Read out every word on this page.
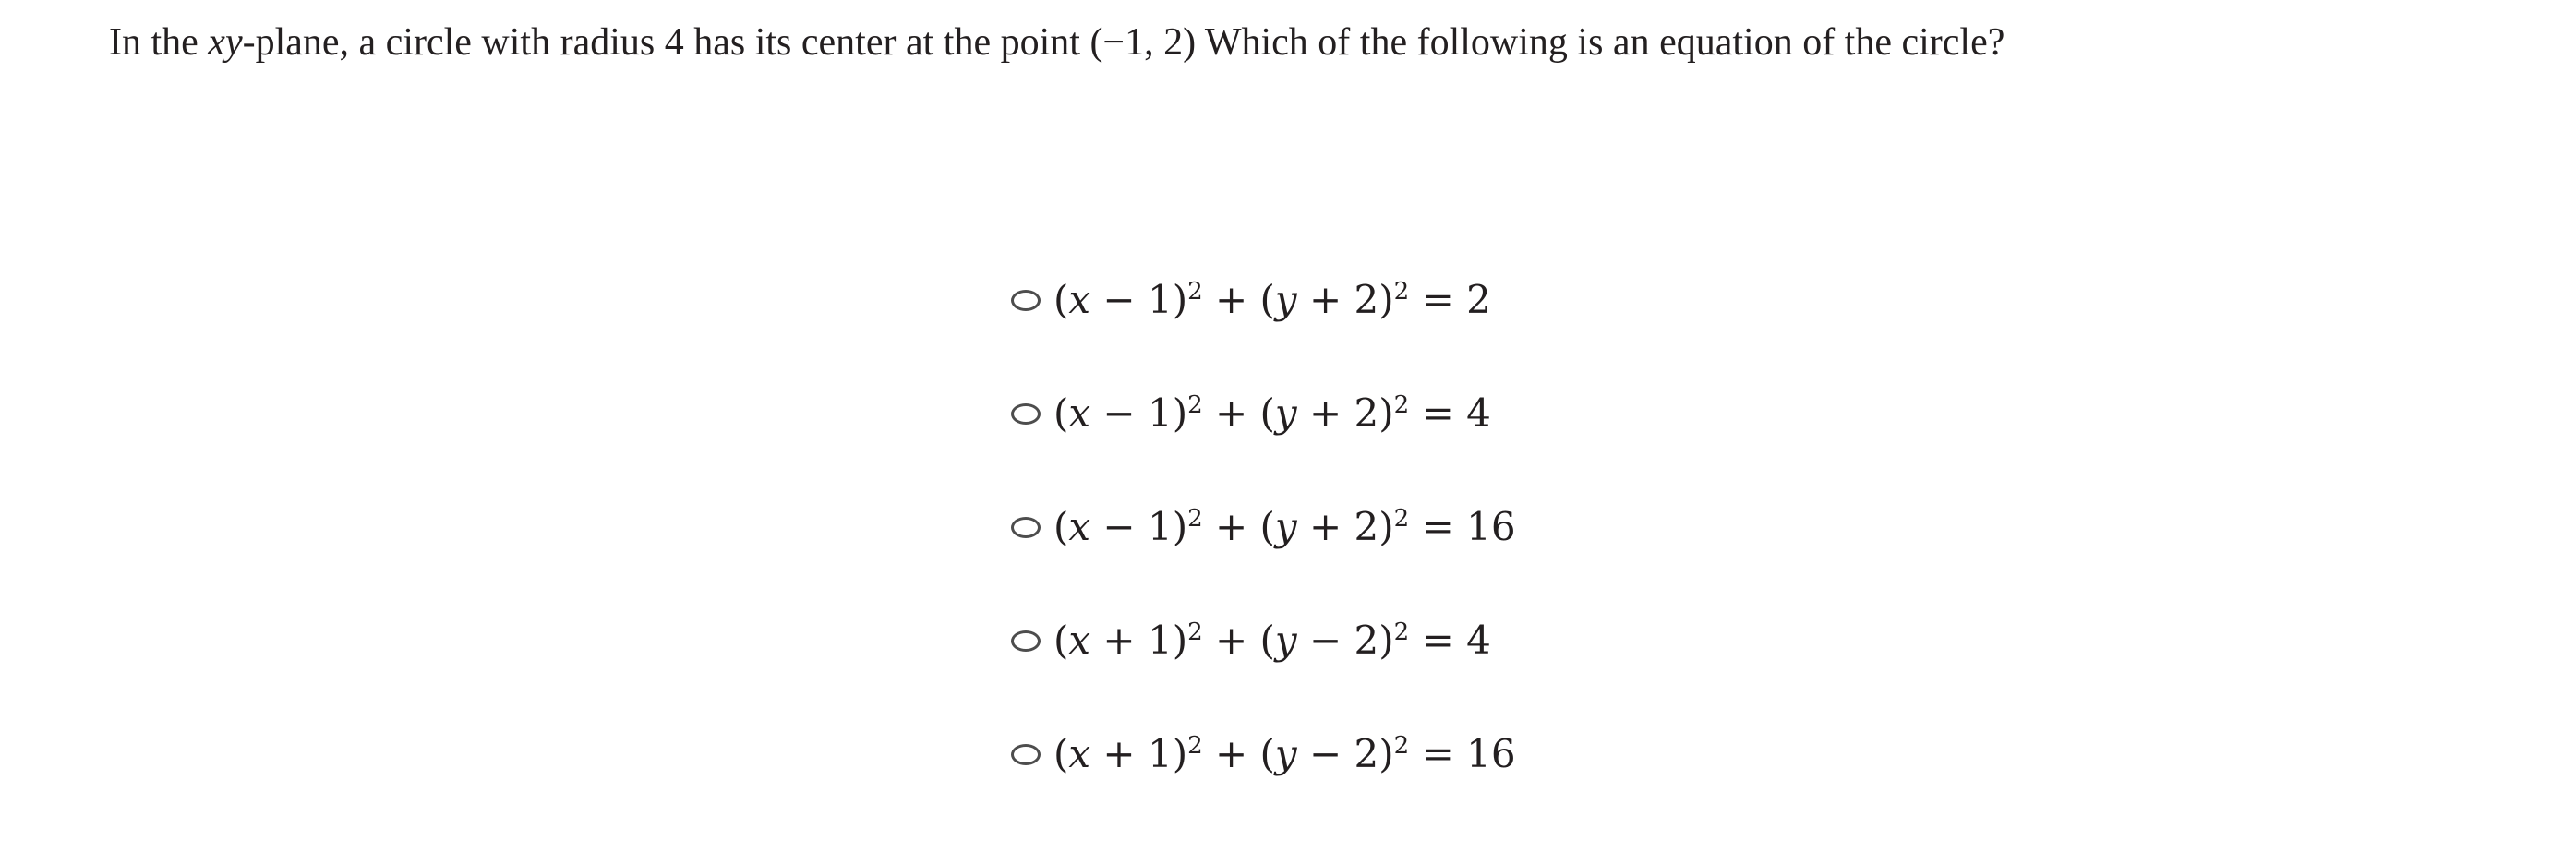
In the xy-plane, a circle with radius 4 has its center at the point (−1, 2) Which of the following is an equation of the circle?
$(x - 1)^2 + (y + 2)^2 = 2$
$(x - 1)^2 + (y + 2)^2 = 4$
$(x - 1)^2 + (y + 2)^2 = 16$
$(x + 1)^2 + (y - 2)^2 = 4$
$(x + 1)^2 + (y - 2)^2 = 16$
